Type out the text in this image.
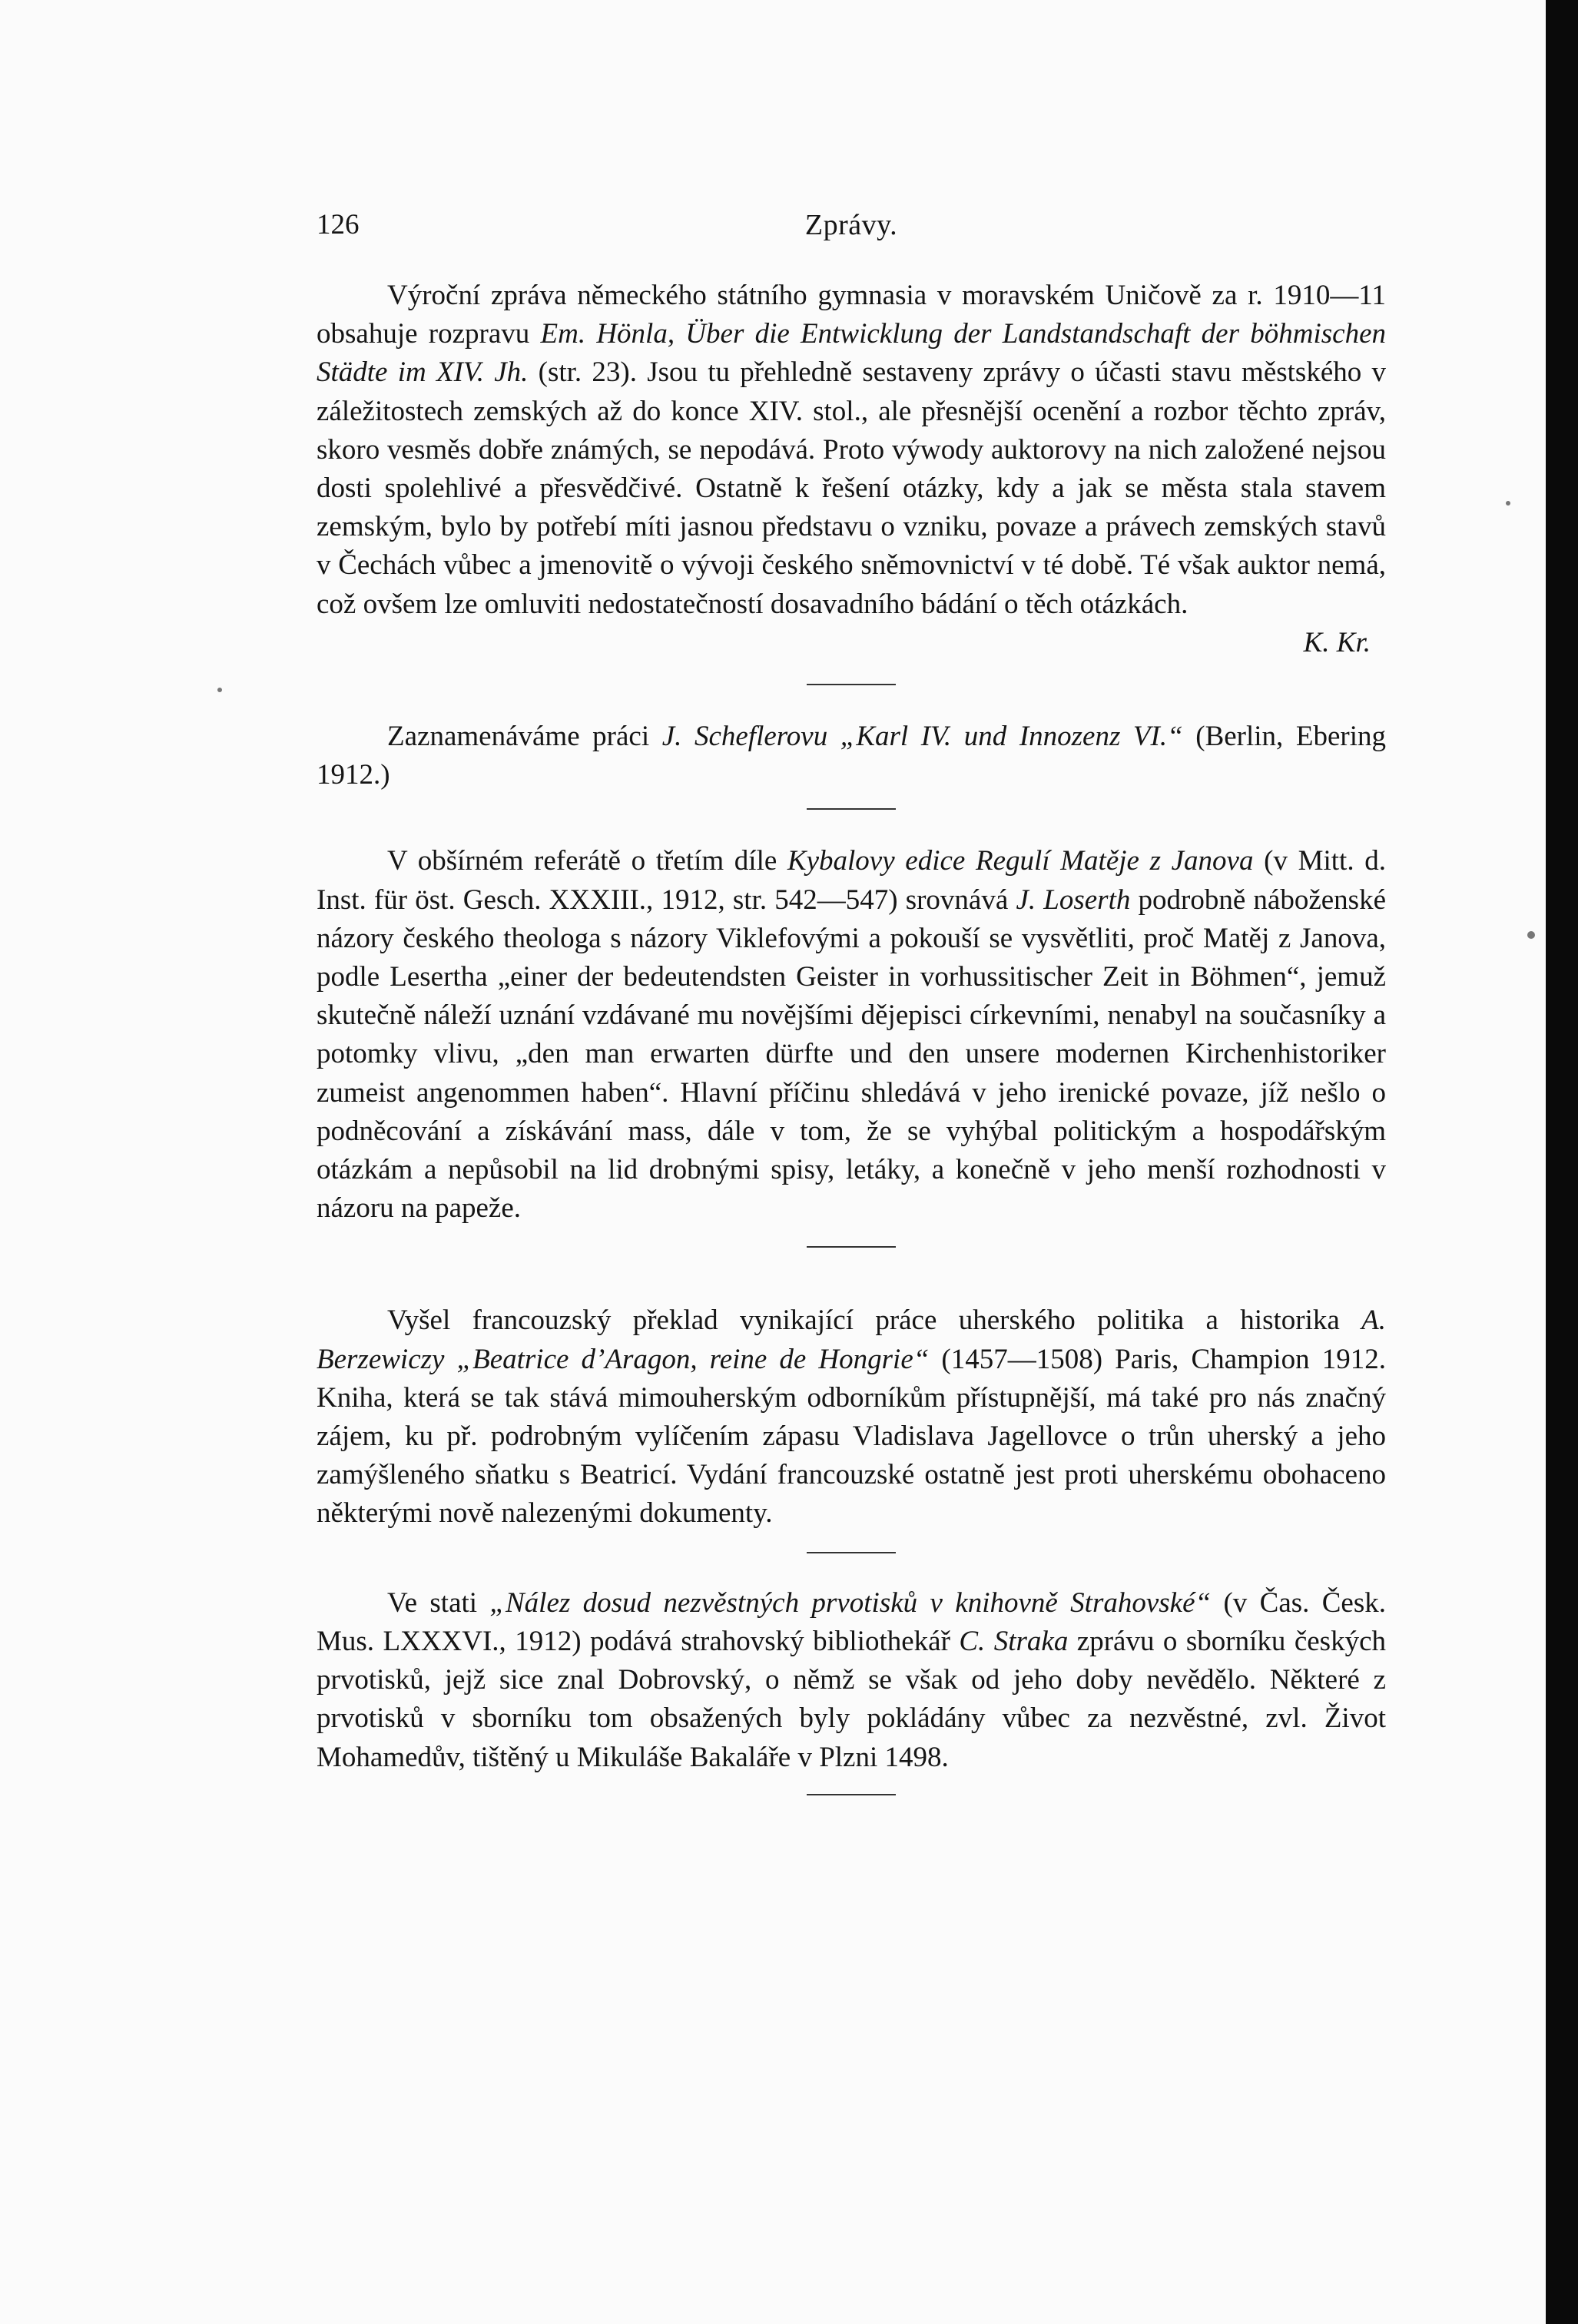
126	Zprávy.

Výroční zpráva německého státního gymnasia v moravském Uničově za r. 1910—11 obsahuje rozpravu Em. Hönla, Über die Entwicklung der Landstandschaft der böhmischen Städte im XIV. Jh. (str. 23). Jsou tu přehledně sestaveny zprávy o účasti stavu městského v záležitostech zemských až do konce XIV. stol., ale přesnější ocenění a rozbor těchto zpráv, skoro vesměs dobře známých, se nepodává. Proto výwody auktorovy na nich založené nejsou dosti spolehlivé a přesvědčivé. Ostatně k řešení otázky, kdy a jak se města stala stavem zemským, bylo by potřebí míti jasnou představu o vzniku, povaze a právech zemských stavů v Čechách vůbec a jmenovitě o vývoji českého sněmovnictví v té době. Té však auktor nemá, což ovšem lze omluviti nedostatečností dosavadního bádání o těch otázkách.

K. Kr.

Zaznamenáváme práci J. Scheflerovu „Karl IV. und Innozenz VI.“ (Berlin, Ebering 1912.)

V obšírném referátě o třetím díle Kybalovy edice Regulí Matěje z Janova (v Mitt. d. Inst. für öst. Gesch. XXXIII., 1912, str. 542—547) srovnává J. Loserth podrobně náboženské názory českého theologa s názory Viklefovými a pokouší se vysvětliti, proč Matěj z Janova, podle Lesertha „einer der bedeutendsten Geister in vorhussitischer Zeit in Böhmen“, jemuž skutečně náleží uznání vzdávané mu novějšími dějepisci církevními, nenabyl na současníky a potomky vlivu, „den man erwarten dürfte und den unsere modernen Kirchenhistoriker zumeist angenommen haben“. Hlavní příčinu shledává v jeho irenické povaze, jíž nešlo o podněcování a získávání mass, dále v tom, že se vyhýbal politickým a hospodářským otázkám a nepůsobil na lid drobnými spisy, letáky, a konečně v jeho menší rozhodnosti v názoru na papeže.

Vyšel francouzský překlad vynikající práce uherského politika a historika A. Berzewiczy „Beatrice d’Aragon, reine de Hongrie“ (1457—1508) Paris, Champion 1912. Kniha, která se tak stává mimouherským odborníkům přístupnější, má také pro nás značný zájem, ku př. podrobným vylíčením zápasu Vladislava Jagellovce o trůn uherský a jeho zamýšleného sňatku s Beatricí. Vydání francouzské ostatně jest proti uherskému obohaceno některými nově nalezenými dokumenty.

Ve stati „Nález dosud nezvěstných prvotisků v knihovně Strahovské“ (v Čas. Česk. Mus. LXXXVI., 1912) podává strahovský bibliothekář C. Straka zprávu o sborníku českých prvotisků, jejž sice znal Dobrovský, o němž se však od jeho doby nevědělo. Některé z prvotisků v sborníku tom obsažených byly pokládány vůbec za nezvěstné, zvl. Život Mohamedův, tištěný u Mikuláše Bakaláře v Plzni 1498.
